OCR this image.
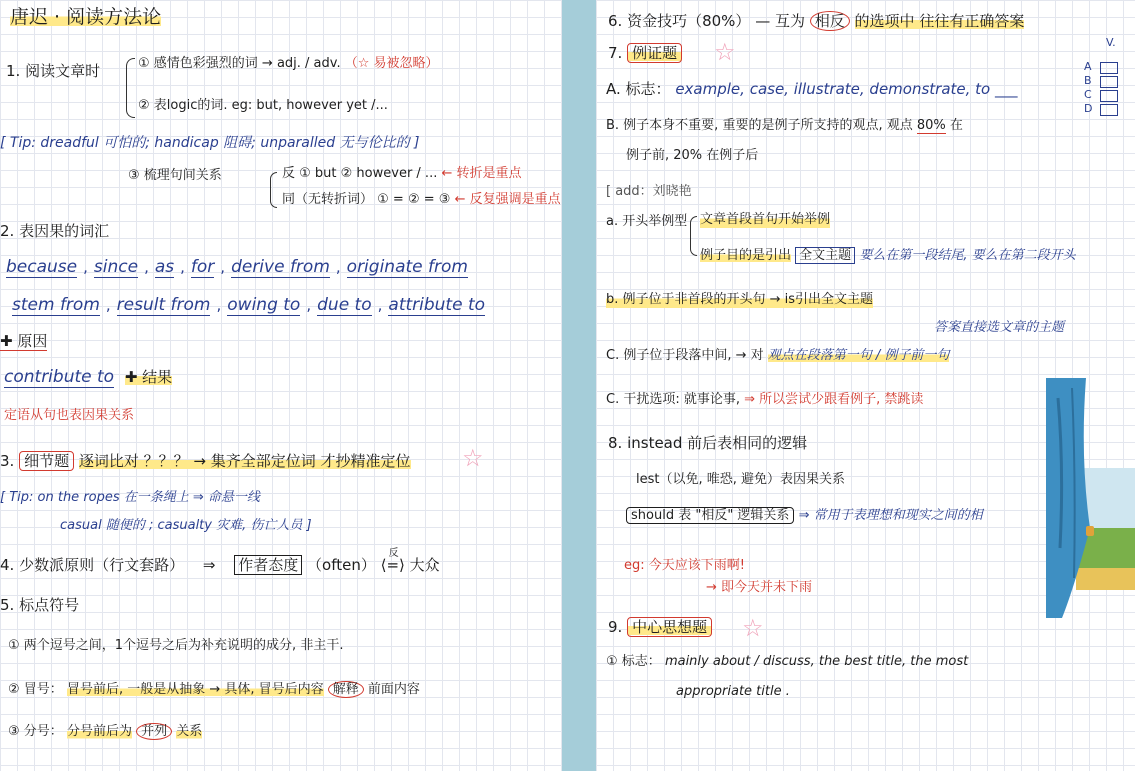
唐迟 · 阅读方法论
1. 阅读文章时	① 感情色彩强烈的词 → adj. / adv. （☆ 易被忽略）
② 表logic的词. eg: but, however yet /...
[ Tip: dreadful 可怕的; handicap 阻碍; unparalled 无与伦比的 ]
③ 梳理句间关系	反 ① but ② however / ... ← 转折是重点
同（无转折词） ① = ② = ③ ← 反复强调是重点
2. 表因果的词汇
because , since , as , for , derive from , originate from
stem from , result from , owing to , due to , attribute to
✚ 原因
contribute to ✚ 结果
定语从句也表因果关系
3. 细节题 逐词比对 ？？？ → 集齐全部定位词 才抄精准定位 ☆
[ Tip: on the ropes 在一条绳上 ⇒ 命悬一线
casual 随便的 ; casualty 灾难, 伤亡人员 ]
4. 少数派原则（行文套路） ⇒ 作者态度 （often）
反
⟨=⟩ 大众
5. 标点符号
① 两个逗号之间，1个逗号之后为补充说明的成分, 非主干.
② 冒号： 冒号前后, 一般是从抽象 → 具体, 冒号后内容 解释 前面内容
③ 分号： 分号前后为 并列 关系
6. 资金技巧（80%） — 互为 相反 的选项中 往往有正确答案
7. 例证题 ☆
A. 标志： example, case, illustrate, demonstrate, to ___
B. 例子本身不重要, 重要的是例子所支持的观点, 观点 80% 在
例子前, 20% 在例子后
[ add：刘晓艳
a. 开头举例型 文章首段首句开始举例
例子目的是引出 全文主题 要么在第一段结尾, 要么在第二段开头
b. 例子位于非首段的开头句 → is引出全文主题
答案直接选文章的主题
C. 例子位于段落中间, → 对 观点在段落第一句 / 例子前一句
C. 干扰选项: 就事论事, ⇒ 所以尝试少跟看例子, 禁跳读
8. instead 前后表相同的逻辑
lest（以免, 唯恐, 避免）表因果关系
should 表 "相反" 逻辑关系 ⇒ 常用于表理想和现实之间的相
eg: 今天应该下雨啊!
→ 即今天并未下雨
9. 中心思想题 ☆
① 标志： mainly about / discuss, the best title, the most
appropriate title .
V.
A
B
C
D
